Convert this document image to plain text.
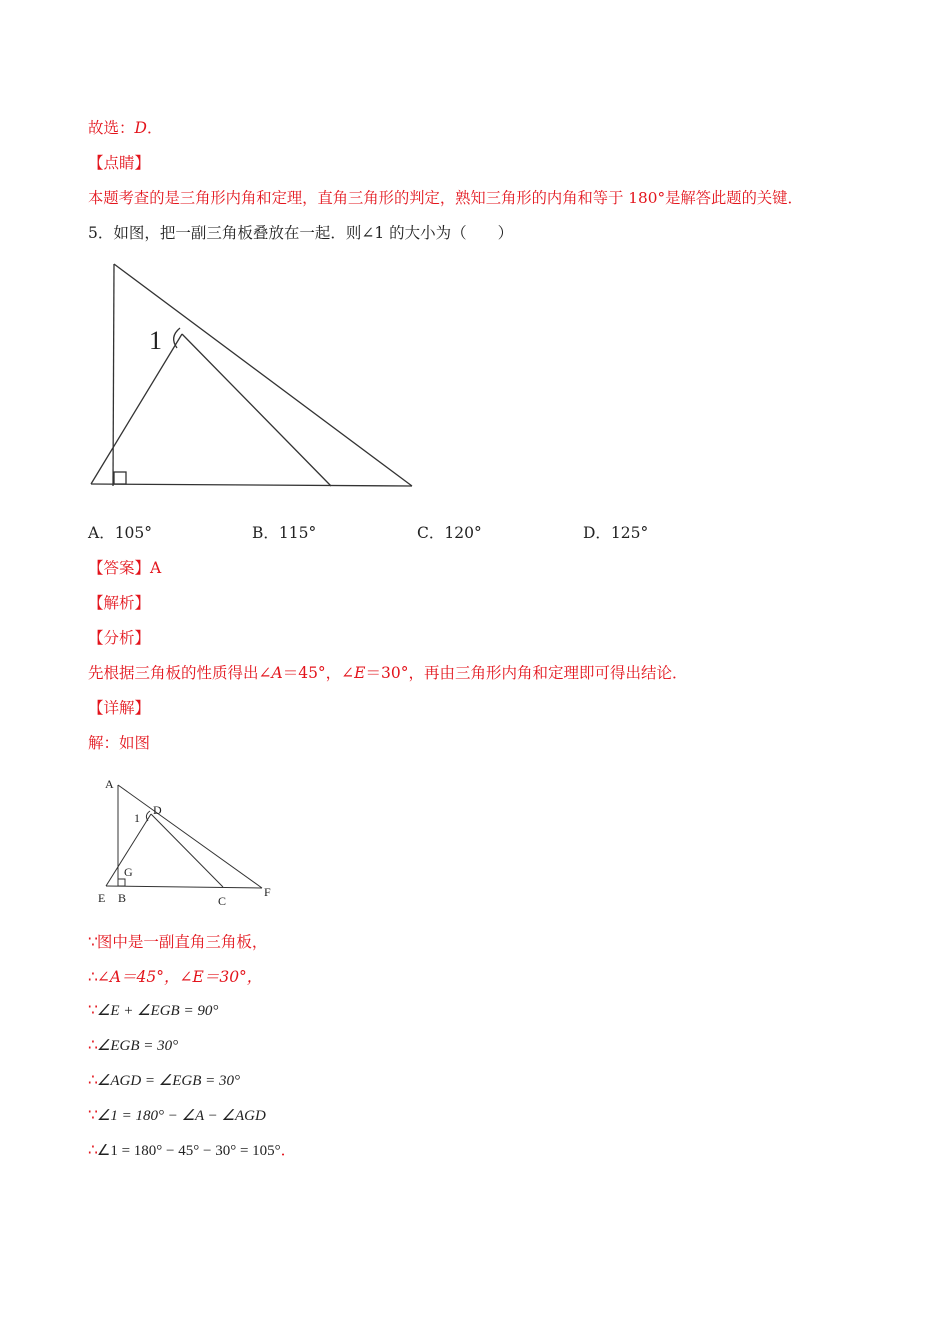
故选：D．
【点睛】
本题考查的是三角形内角和定理，直角三角形的判定，熟知三角形的内角和等于 180°是解答此题的关键．
5．如图，把一副三角板叠放在一起．则∠1 的大小为（　　）
1
A．105°	B．115°	C．120°	D．125°
【答案】A
【解析】
【分析】
先根据三角板的性质得出∠A＝45°，∠E＝30°，再由三角形内角和定理即可得出结论．
【详解】
解：如图
A
D
1
G
E B	C
F
∵图中是一副直角三角板，
∴∠A＝45°，∠E＝30°，
∵∠E + ∠EGB = 90°
∴∠EGB = 30°
∴∠AGD = ∠EGB = 30°
∵∠1 = 180° − ∠A − ∠AGD
∴∠1 = 180° − 45° − 30° = 105°．
